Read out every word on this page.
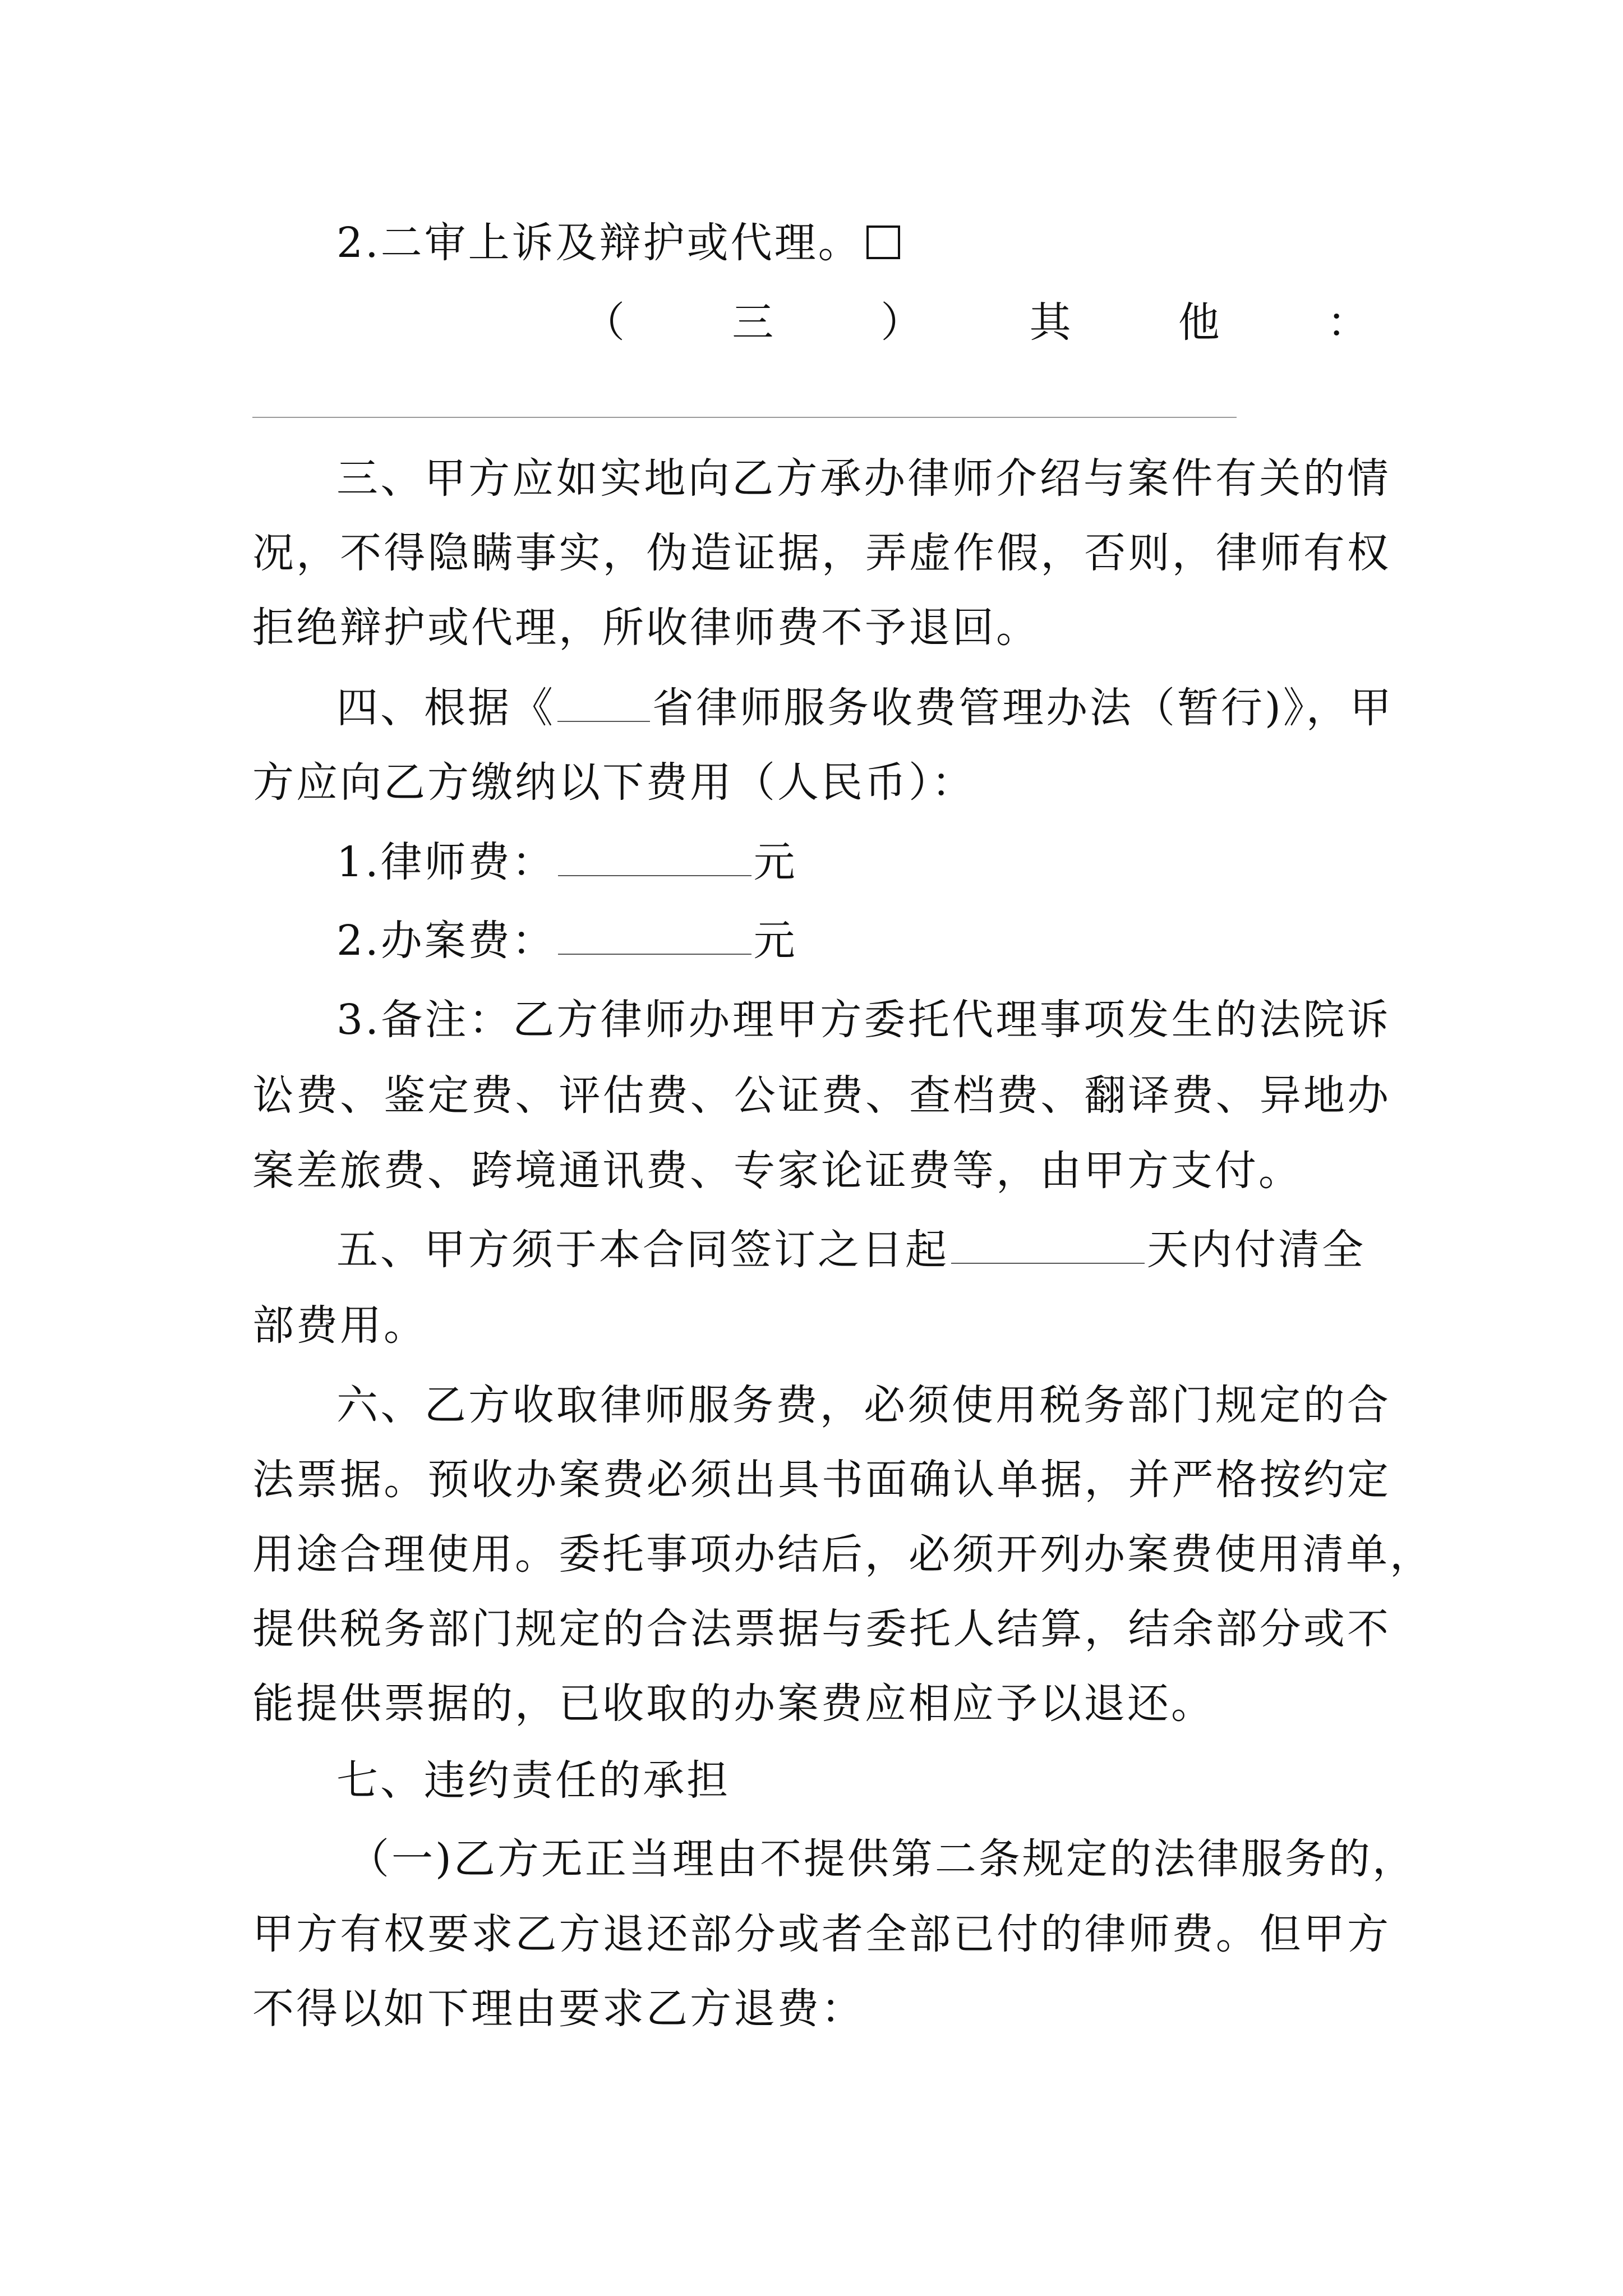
2.二审上诉及辩护或代理。
（	三	）	其	他	：
三 、 甲 方 应 如 实 地 向 乙 方 承 办 律 师 介 绍 与 案 件 有 关 的 情
况 ， 不 得 隐 瞒 事 实 ， 伪 造 证 据 ， 弄 虚 作 假 ， 否 则 ， 律 师 有 权
拒绝辩护或代理，所收律师费不予退回。
四、根据《 省律师服务收费管理办法（暂行)》，甲
方应向乙方缴纳以下费用（人民币）：
1.律师费：	元
2.办案费：	元
3 . 备 注 ： 乙 方 律 师 办 理 甲 方 委 托 代 理 事 项 发 生 的 法 院 诉
讼 费 、 鉴 定 费 、 评 估 费 、 公 证 费 、 查 档 费 、 翻 译 费 、 异 地 办
案差旅费、跨境通讯费、专家论证费等，由甲方支付。
五、甲方须于本合同签订之日起	天内付清全
部费用。
六 、 乙 方 收 取 律 师 服 务 费 ， 必 须 使 用 税 务 部 门 规 定 的 合
法 票 据 。 预 收 办 案 费 必 须 出 具 书 面 确 认 单 据 ， 并 严 格 按 约 定
用 途 合 理 使 用 。 委 托 事 项 办 结 后 ， 必 须 开 列 办 案 费 使 用 清 单 ，
提 供 税 务 部 门 规 定 的 合 法 票 据 与 委 托 人 结 算 ， 结 余 部 分 或 不
能提供票据的，已收取的办案费应相应予以退还。
七、违约责任的承担
（ 一 ) 乙 方 无 正 当 理 由 不 提 供 第 二 条 规 定 的 法 律 服 务 的 ，
甲 方 有 权 要 求 乙 方 退 还 部 分 或 者 全 部 已 付 的 律 师 费 。 但 甲 方
不得以如下理由要求乙方退费：
